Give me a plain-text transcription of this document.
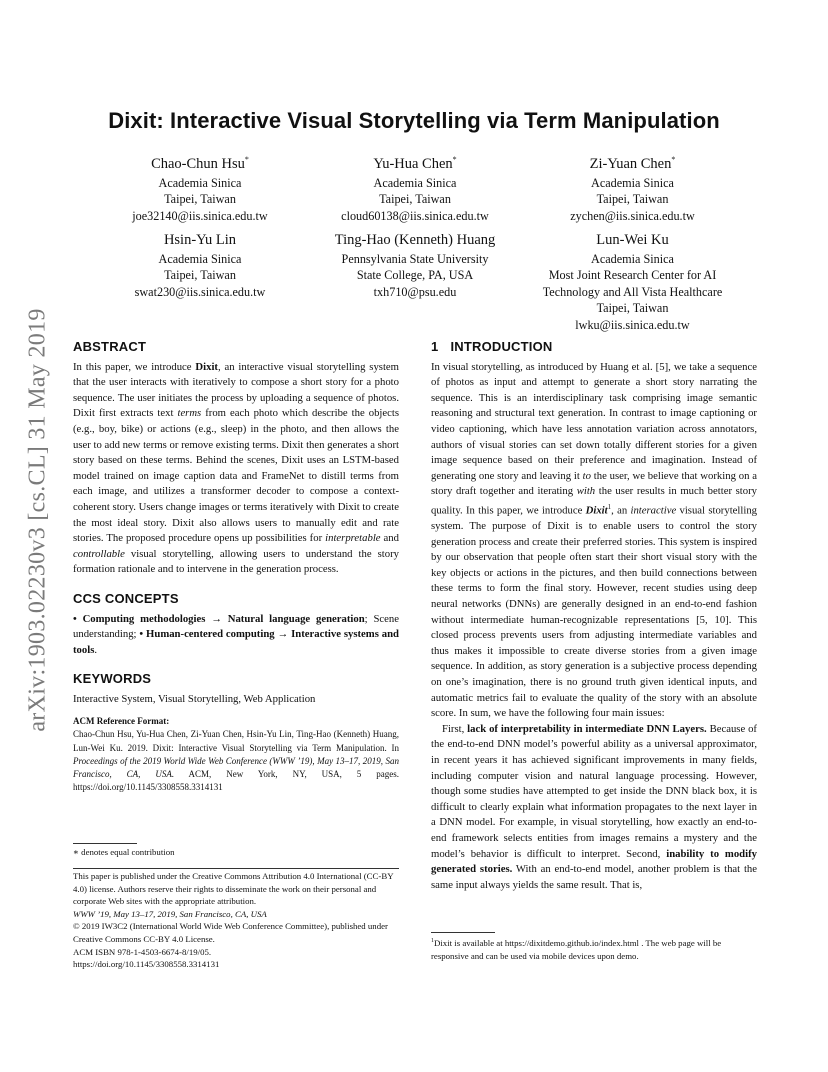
arXiv:1903.02230v3 [cs.CL] 31 May 2019
Dixit: Interactive Visual Storytelling via Term Manipulation
Chao-Chun Hsu*
Academia Sinica
Taipei, Taiwan
joe32140@iis.sinica.edu.tw
Yu-Hua Chen*
Academia Sinica
Taipei, Taiwan
cloud60138@iis.sinica.edu.tw
Zi-Yuan Chen*
Academia Sinica
Taipei, Taiwan
zychen@iis.sinica.edu.tw
Hsin-Yu Lin
Academia Sinica
Taipei, Taiwan
swat230@iis.sinica.edu.tw
Ting-Hao (Kenneth) Huang
Pennsylvania State University
State College, PA, USA
txh710@psu.edu
Lun-Wei Ku
Academia Sinica
Most Joint Research Center for AI
Technology and All Vista Healthcare
Taipei, Taiwan
lwku@iis.sinica.edu.tw
ABSTRACT

In this paper, we introduce Dixit, an interactive visual storytelling system that the user interacts with iteratively to compose a short story for a photo sequence. The user initiates the process by uploading a sequence of photos. Dixit first extracts text terms from each photo which describe the objects (e.g., boy, bike) or actions (e.g., sleep) in the photo, and then allows the user to add new terms or remove existing terms. Dixit then generates a short story based on these terms. Behind the scenes, Dixit uses an LSTM-based model trained on image caption data and FrameNet to distill terms from each image, and utilizes a transformer decoder to compose a context-coherent story. Users change images or terms iteratively with Dixit to create the most ideal story. Dixit also allows users to manually edit and rate stories. The proposed procedure opens up possibilities for interpretable and controllable visual storytelling, allowing users to understand the story formation rationale and to intervene in the generation process.

CCS CONCEPTS

• Computing methodologies → Natural language generation; Scene understanding; • Human-centered computing → Interactive systems and tools.

KEYWORDS

Interactive System, Visual Storytelling, Web Application

ACM Reference Format:

Chao-Chun Hsu, Yu-Hua Chen, Zi-Yuan Chen, Hsin-Yu Lin, Ting-Hao (Kenneth) Huang, Lun-Wei Ku. 2019. Dixit: Interactive Visual Storytelling via Term Manipulation. In Proceedings of the 2019 World Wide Web Conference (WWW ’19), May 13–17, 2019, San Francisco, CA, USA. ACM, New York, NY, USA, 5 pages. https://doi.org/10.1145/3308558.3314131

∗ denotes equal contribution
This paper is published under the Creative Commons Attribution 4.0 International (CC-BY 4.0) license. Authors reserve their rights to disseminate the work on their personal and corporate Web sites with the appropriate attribution.
WWW ’19, May 13–17, 2019, San Francisco, CA, USA
© 2019 IW3C2 (International World Wide Web Conference Committee), published under Creative Commons CC-BY 4.0 License.
ACM ISBN 978-1-4503-6674-8/19/05.
https://doi.org/10.1145/3308558.3314131
1 INTRODUCTION

In visual storytelling, as introduced by Huang et al. [5], we take a sequence of photos as input and attempt to generate a short story narrating the sequence. This is an interdisciplinary task comprising image semantic reasoning and structural text generation. In contrast to image captioning or video captioning, which have less annotation variation across annotators, authors of visual stories can set down totally different stories for a given image sequence based on their preference and imagination. Instead of generating one story and leaving it to the user, we believe that working on a story draft together and iterating with the user results in much better story quality. In this paper, we introduce Dixit$^1$, an interactive visual storytelling system. The purpose of Dixit is to enable users to control the story generation process and create their preferred stories. This system is inspired by our observation that people often start their short visual story with the key objects or actions in the pictures, and then build connections between these terms to form the final story. However, recent studies using deep neural networks (DNNs) are generally designed in an end-to-end fashion without intermediate human-recognizable representations [5, 10]. This closed process prevents users from adjusting intermediate variables and thus makes it impossible to create diverse stories from a given image sequence. In addition, as story generation is a subjective process depending on one’s imagination, there is no ground truth given identical inputs, and automatic metrics fail to evaluate the quality of the story with an absolute score. In sum, we have the following four main issues:

First, lack of interpretability in intermediate DNN Layers. Because of the end-to-end DNN model’s powerful ability as a universal approximator, in recent years it has achieved significant improvements in many fields, including computer vision and natural language processing. However, though some studies have attempted to get inside the DNN black box, it is difficult to clearly explain what information propagates to the next layer in a DNN model. For example, in visual storytelling, how exactly an end-to-end framework selects entities from images remains a mystery and the model’s behavior is difficult to interpret. Second, inability to modify generated stories. With an end-to-end model, another problem is that the same input always yields the same result. That is,

$^1$Dixit is available at https://dixitdemo.github.io/index.html . The web page will be responsive and can be used via mobile devices upon demo.
